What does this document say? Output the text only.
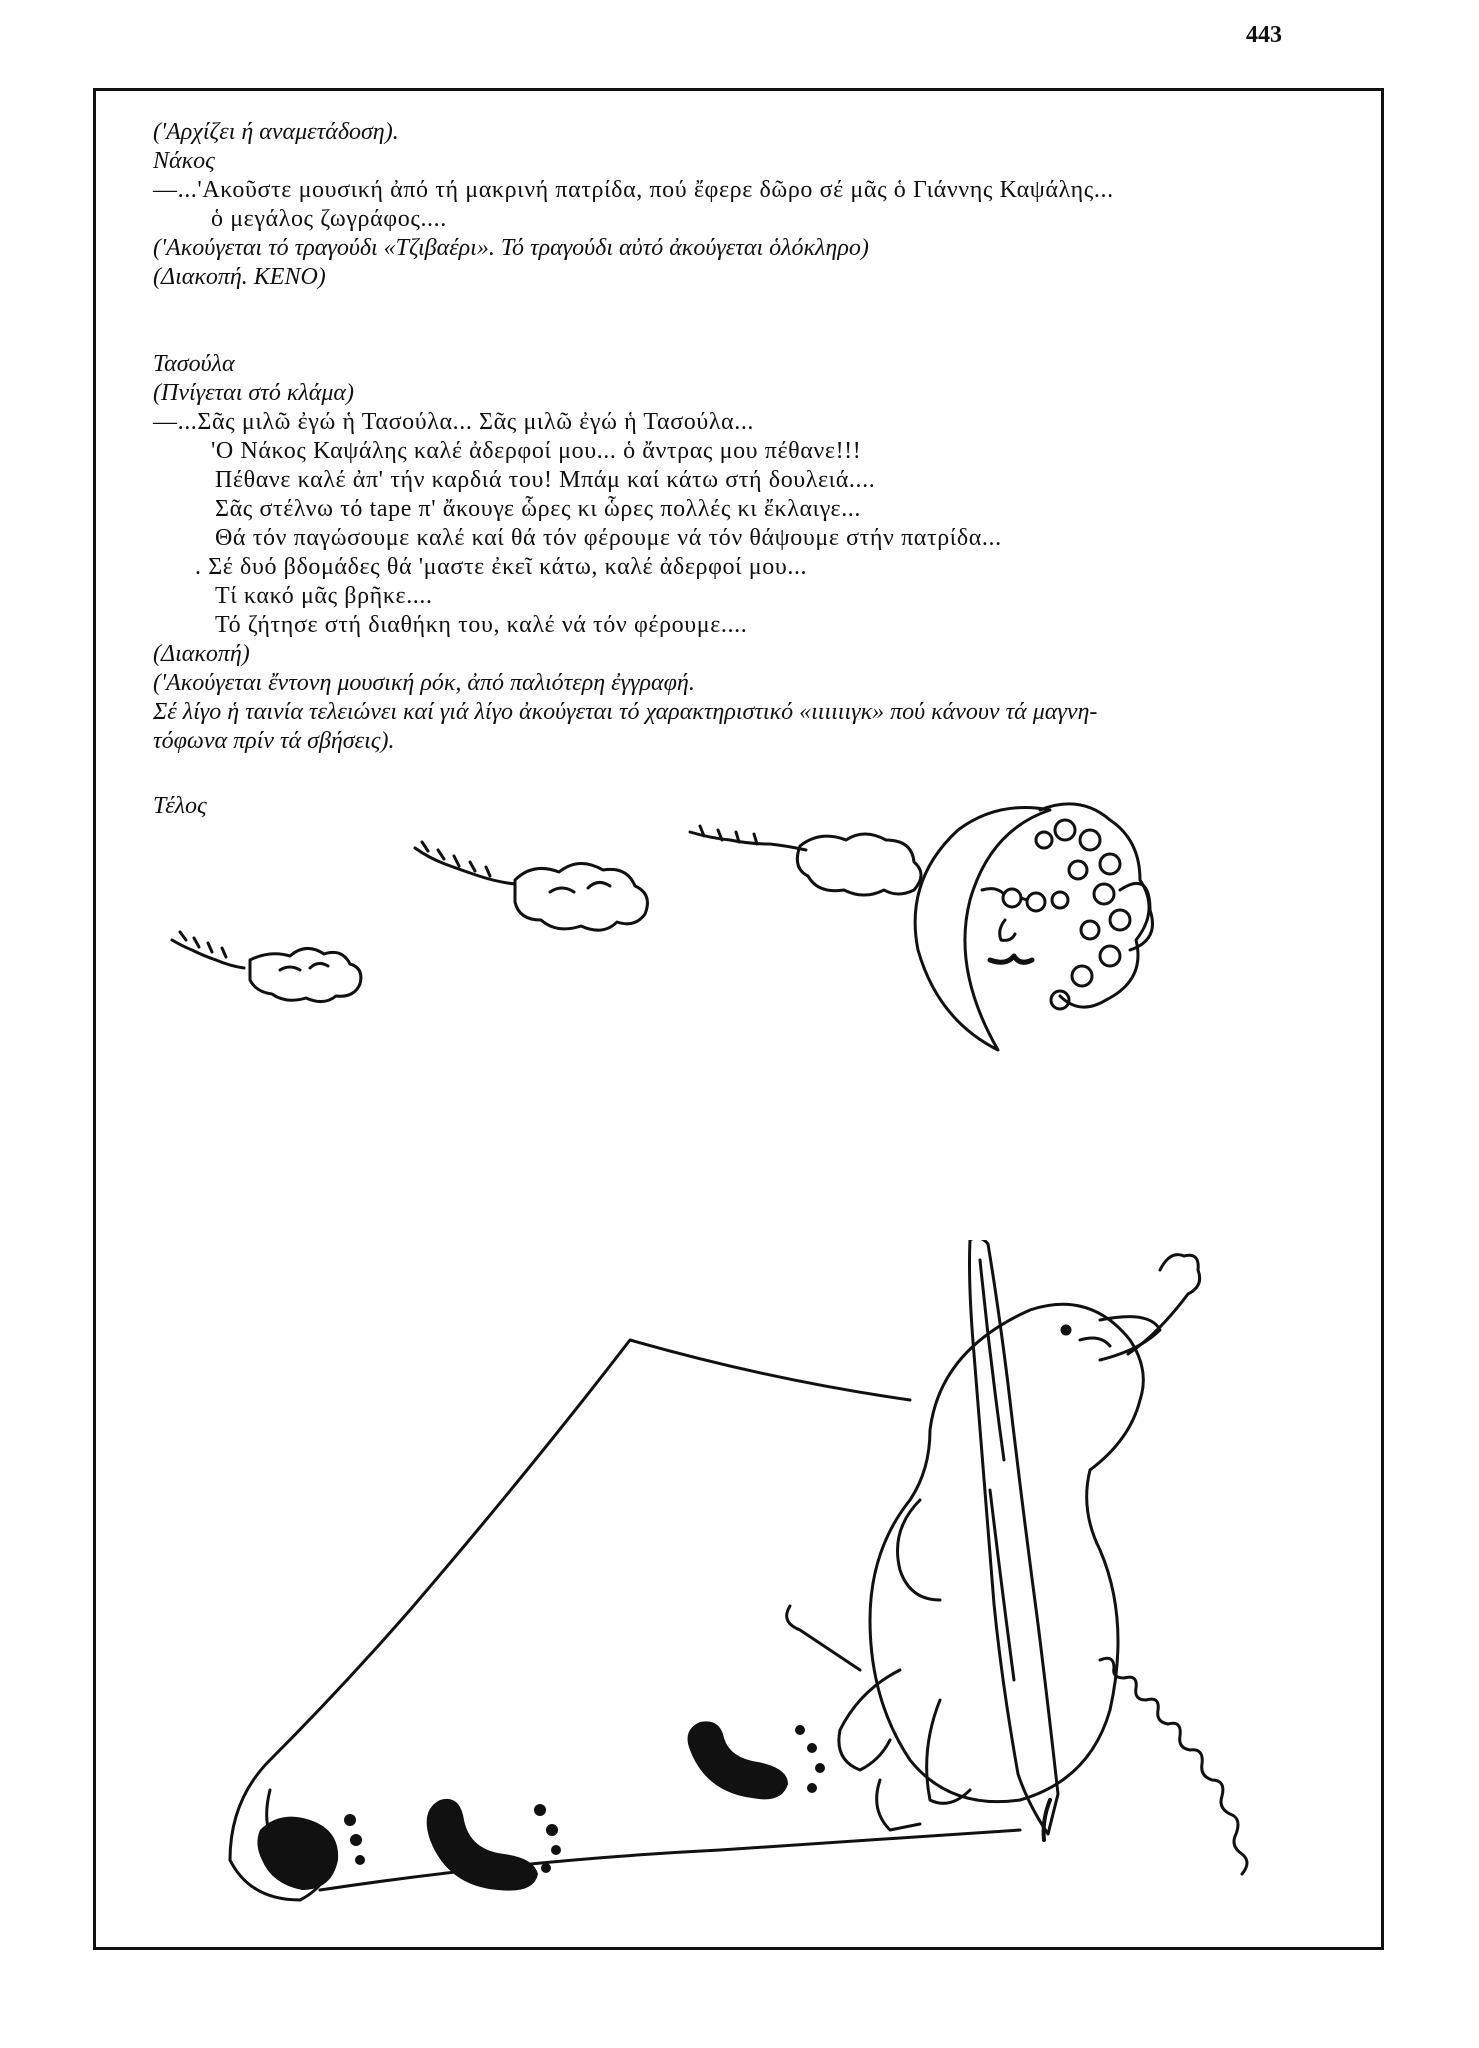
443
('Αρχίζει ή αναμετάδοση).
Νάκος
—...'Ακοῦστε μουσική ἀπό τή μακρινή πατρίδα, πού ἔφερε δῶρο σέ μᾶς ὁ Γιάννης Καψάλης...
ὁ μεγάλος ζωγράφος....
('Ακούγεται τό τραγούδι «Τζιβαέρι». Τό τραγούδι αὐτό ἀκούγεται ὁλόκληρο)
(Διακοπή. ΚΕΝΟ)
Τασούλα
(Πνίγεται στό κλάμα)
—...Σᾶς μιλῶ ἐγώ ἡ Τασούλα... Σᾶς μιλῶ ἐγώ ἡ Τασούλα...
'Ο Νάκος Καψάλης καλέ ἀδερφοί μου... ὁ ἄντρας μου πέθανε!!!
Πέθανε καλέ ἀπ' τήν καρδιά του! Μπάμ καί κάτω στή δουλειά....
Σᾶς στέλνω τό tape π' ἄκουγε ὧρες κι ὧρες πολλές κι ἔκλαιγε...
Θά τόν παγώσουμε καλέ καί θά τόν φέρουμε νά τόν θάψουμε στήν πατρίδα...
. Σέ δυό βδομάδες θά 'μαστε ἐκεῖ κάτω, καλέ ἀδερφοί μου...
Τί κακό μᾶς βρῆκε....
Τό ζήτησε στή διαθήκη του, καλέ νά τόν φέρουμε....
(Διακοπή)
('Ακούγεται ἔντονη μουσική ρόκ, ἀπό παλιότερη ἐγγραφή.
Σέ λίγο ἡ ταινία τελειώνει καί γιά λίγο ἀκούγεται τό χαρακτηριστικό «ιιιιιιγκ» πού κάνουν τά μαγνη-
τόφωνα πρίν τά σβήσεις).
Τέλος
